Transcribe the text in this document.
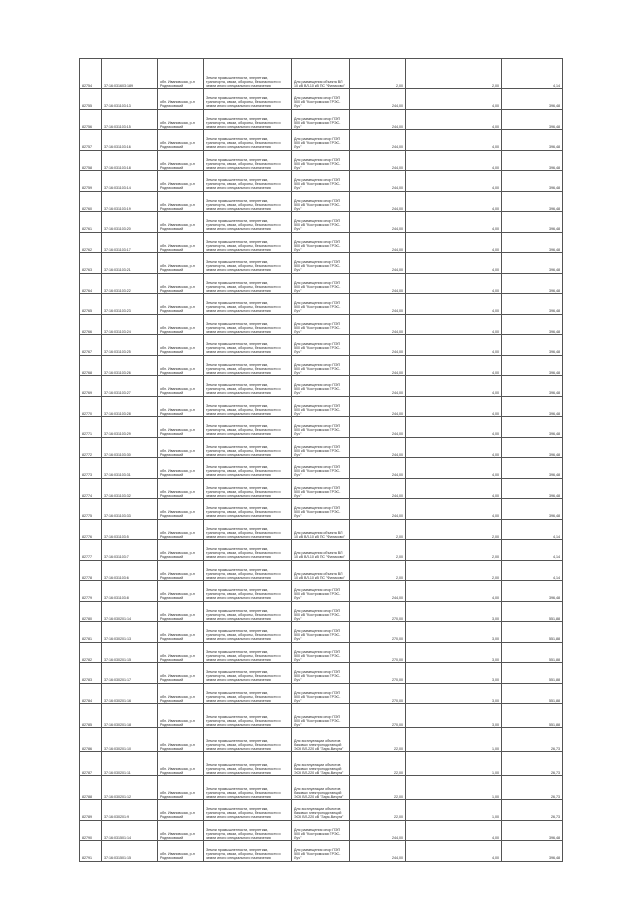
82754	37:16:031603:189	обл. Ивановская, р-н Родниковский	Земли промышленности, энергетики, транспорта, связи, обороны, безопасности и земли иного специального назначения	Для размещения объекта ВЛ 10 кВ ВЛ-10 кВ ПС "Филиково"	2,00	2,00	4,14
82755	37:16:031103:13	обл. Ивановская, р-н Родниковский	Земли промышленности, энергетики, транспорта, связи, обороны, безопасности и земли иного специального назначения	Для размещения опор ПЭП 500 кВ "Костромская ГРЭС-Луч"	244,00	4,00	396,48
82756	37:16:031103:15	обл. Ивановская, р-н Родниковский	Земли промышленности, энергетики, транспорта, связи, обороны, безопасности и земли иного специального назначения	Для размещения опор ПЭП 500 кВ "Костромская ГРЭС-Луч"	244,00	4,00	396,48
82757	37:16:031103:16	обл. Ивановская, р-н Родниковский	Земли промышленности, энергетики, транспорта, связи, обороны, безопасности и земли иного специального назначения	Для размещения опор ПЭП 500 кВ "Костромская ГРЭС-Луч"	244,00	4,00	396,48
82758	37:16:031103:18	обл. Ивановская, р-н Родниковский	Земли промышленности, энергетики, транспорта, связи, обороны, безопасности и земли иного специального назначения	Для размещения опор ПЭП 500 кВ "Костромская ГРЭС-Луч"	244,00	4,00	396,48
82759	37:16:031103:14	обл. Ивановская, р-н Родниковский	Земли промышленности, энергетики, транспорта, связи, обороны, безопасности и земли иного специального назначения	Для размещения опор ПЭП 500 кВ "Костромская ГРЭС-Луч"	244,00	4,00	396,48
82760	37:16:031103:19	обл. Ивановская, р-н Родниковский	Земли промышленности, энергетики, транспорта, связи, обороны, безопасности и земли иного специального назначения	Для размещения опор ПЭП 500 кВ "Костромская ГРЭС-Луч"	244,00	4,00	396,48
82761	37:16:031103:20	обл. Ивановская, р-н Родниковский	Земли промышленности, энергетики, транспорта, связи, обороны, безопасности и земли иного специального назначения	Для размещения опор ПЭП 500 кВ "Костромская ГРЭС-Луч"	244,00	4,00	396,48
82762	37:16:031103:17	обл. Ивановская, р-н Родниковский	Земли промышленности, энергетики, транспорта, связи, обороны, безопасности и земли иного специального назначения	Для размещения опор ПЭП 500 кВ "Костромская ГРЭС-Луч"	244,00	4,00	396,48
82763	37:16:031103:21	обл. Ивановская, р-н Родниковский	Земли промышленности, энергетики, транспорта, связи, обороны, безопасности и земли иного специального назначения	Для размещения опор ПЭП 500 кВ "Костромская ГРЭС-Луч"	244,00	4,00	396,48
82764	37:16:031103:22	обл. Ивановская, р-н Родниковский	Земли промышленности, энергетики, транспорта, связи, обороны, безопасности и земли иного специального назначения	Для размещения опор ПЭП 500 кВ "Костромская ГРЭС-Луч"	244,00	4,00	396,48
82765	37:16:031103:23	обл. Ивановская, р-н Родниковский	Земли промышленности, энергетики, транспорта, связи, обороны, безопасности и земли иного специального назначения	Для размещения опор ПЭП 500 кВ "Костромская ГРЭС-Луч"	244,00	4,00	396,48
82766	37:16:031103:24	обл. Ивановская, р-н Родниковский	Земли промышленности, энергетики, транспорта, связи, обороны, безопасности и земли иного специального назначения	Для размещения опор ПЭП 500 кВ "Костромская ГРЭС-Луч"	244,00	4,00	396,48
82767	37:16:031103:25	обл. Ивановская, р-н Родниковский	Земли промышленности, энергетики, транспорта, связи, обороны, безопасности и земли иного специального назначения	Для размещения опор ПЭП 500 кВ "Костромская ГРЭС-Луч"	244,00	4,00	396,48
82768	37:16:031103:26	обл. Ивановская, р-н Родниковский	Земли промышленности, энергетики, транспорта, связи, обороны, безопасности и земли иного специального назначения	Для размещения опор ПЭП 500 кВ "Костромская ГРЭС-Луч"	244,00	4,00	396,48
82769	37:16:031103:27	обл. Ивановская, р-н Родниковский	Земли промышленности, энергетики, транспорта, связи, обороны, безопасности и земли иного специального назначения	Для размещения опор ПЭП 500 кВ "Костромская ГРЭС-Луч"	244,00	4,00	396,48
82770	37:16:031103:28	обл. Ивановская, р-н Родниковский	Земли промышленности, энергетики, транспорта, связи, обороны, безопасности и земли иного специального назначения	Для размещения опор ПЭП 500 кВ "Костромская ГРЭС-Луч"	244,00	4,00	396,48
82771	37:16:031103:29	обл. Ивановская, р-н Родниковский	Земли промышленности, энергетики, транспорта, связи, обороны, безопасности и земли иного специального назначения	Для размещения опор ПЭП 500 кВ "Костромская ГРЭС-Луч"	244,00	4,00	396,48
82772	37:16:031103:30	обл. Ивановская, р-н Родниковский	Земли промышленности, энергетики, транспорта, связи, обороны, безопасности и земли иного специального назначения	Для размещения опор ПЭП 500 кВ "Костромская ГРЭС-Луч"	244,00	4,00	396,48
82773	37:16:031103:31	обл. Ивановская, р-н Родниковский	Земли промышленности, энергетики, транспорта, связи, обороны, безопасности и земли иного специального назначения	Для размещения опор ПЭП 500 кВ "Костромская ГРЭС-Луч"	244,00	4,00	396,48
82774	37:16:031103:32	обл. Ивановская, р-н Родниковский	Земли промышленности, энергетики, транспорта, связи, обороны, безопасности и земли иного специального назначения	Для размещения опор ПЭП 500 кВ "Костромская ГРЭС-Луч"	244,00	4,00	396,48
82775	37:16:031103:33	обл. Ивановская, р-н Родниковский	Земли промышленности, энергетики, транспорта, связи, обороны, безопасности и земли иного специального назначения	Для размещения опор ПЭП 500 кВ "Костромская ГРЭС-Луч"	244,00	4,00	396,48
82776	37:16:031103:5	обл. Ивановская, р-н Родниковский	Земли промышленности, энергетики, транспорта, связи, обороны, безопасности и земли иного специального назначения	Для размещения объекта ВЛ 10 кВ ВЛ-10 кВ ПС "Филиково"	2,00	2,00	4,14
82777	37:16:031103:7	обл. Ивановская, р-н Родниковский	Земли промышленности, энергетики, транспорта, связи, обороны, безопасности и земли иного специального назначения	Для размещения объекта ВЛ 10 кВ ВЛ-10 кВ ПС "Филиково"	2,00	2,00	4,14
82778	37:16:031103:6	обл. Ивановская, р-н Родниковский	Земли промышленности, энергетики, транспорта, связи, обороны, безопасности и земли иного специального назначения	Для размещения объекта ВЛ 10 кВ ВЛ-10 кВ ПС "Филиково"	2,00	2,00	4,14
82779	37:16:031103:8	обл. Ивановская, р-н Родниковский	Земли промышленности, энергетики, транспорта, связи, обороны, безопасности и земли иного специального назначения	Для размещения опор ПЭП 500 кВ "Костромская ГРЭС-Луч"	244,00	4,00	396,48
82780	37:16:030201:14	обл. Ивановская, р-н Родниковский	Земли промышленности, энергетики, транспорта, связи, обороны, безопасности и земли иного специального назначения	Для размещения опор ПЭП 500 кВ "Костромская ГРЭС-Луч"	270,00	3,00	551,88
82781	37:16:030201:13	обл. Ивановская, р-н Родниковский	Земли промышленности, энергетики, транспорта, связи, обороны, безопасности и земли иного специального назначения	Для размещения опор ПЭП 500 кВ "Костромская ГРЭС-Луч"	270,00	3,00	551,88
82782	37:16:030201:15	обл. Ивановская, р-н Родниковский	Земли промышленности, энергетики, транспорта, связи, обороны, безопасности и земли иного специального назначения	Для размещения опор ПЭП 500 кВ "Костромская ГРЭС-Луч"	270,00	3,00	551,88
82783	37:16:030201:17	обл. Ивановская, р-н Родниковский	Земли промышленности, энергетики, транспорта, связи, обороны, безопасности и земли иного специального назначения	Для размещения опор ПЭП 500 кВ "Костромская ГРЭС-Луч"	270,00	3,00	551,88
82784	37:16:030201:16	обл. Ивановская, р-н Родниковский	Земли промышленности, энергетики, транспорта, связи, обороны, безопасности и земли иного специального назначения	Для размещения опор ПЭП 500 кВ "Костромская ГРЭС-Луч"	270,00	3,00	551,88
82785	37:16:030201:18	обл. Ивановская, р-н Родниковский	Земли промышленности, энергетики, транспорта, связи, обороны, безопасности и земли иного специального назначения	Для размещения опор ПЭП 500 кВ "Костромская ГРЭС-Луч"	270,00	3,00	551,88
82786	37:16:030201:10	обл. Ивановская, р-н Родниковский	Земли промышленности, энергетики, транспорта, связи, обороны, безопасности и земли иного специального назначения	Для эксплуатации объектов базовых электроподстанций ЭСК ВЛ-220 кВ "Заря-Вичуга"	22,00	1,00	26,73
82787	37:16:030201:11	обл. Ивановская, р-н Родниковский	Земли промышленности, энергетики, транспорта, связи, обороны, безопасности и земли иного специального назначения	Для эксплуатации объектов базовых электроподстанций ЭСК ВЛ-220 кВ "Заря-Вичуга"	22,00	1,00	26,73
82788	37:16:030201:12	обл. Ивановская, р-н Родниковский	Земли промышленности, энергетики, транспорта, связи, обороны, безопасности и земли иного специального назначения	Для эксплуатации объектов базовых электроподстанций ЭСК ВЛ-220 кВ "Заря-Вичуга"	22,00	1,00	26,73
82789	37:16:030201:9	обл. Ивановская, р-н Родниковский	Земли промышленности, энергетики, транспорта, связи, обороны, безопасности и земли иного специального назначения	Для эксплуатации объектов базовых электроподстанций ЭСК ВЛ-220 кВ "Заря-Вичуга"	22,00	1,00	26,73
82790	37:16:031501:14	обл. Ивановская, р-н Родниковский	Земли промышленности, энергетики, транспорта, связи, обороны, безопасности и земли иного специального назначения	Для размещения опор ПЭП 500 кВ "Костромская ГРЭС-Луч"	244,00	4,00	396,48
82791	37:16:031501:15	обл. Ивановская, р-н Родниковский	Земли промышленности, энергетики, транспорта, связи, обороны, безопасности и земли иного специального назначения	Для размещения опор ПЭП 500 кВ "Костромская ГРЭС-Луч"	244,00	4,00	396,48
